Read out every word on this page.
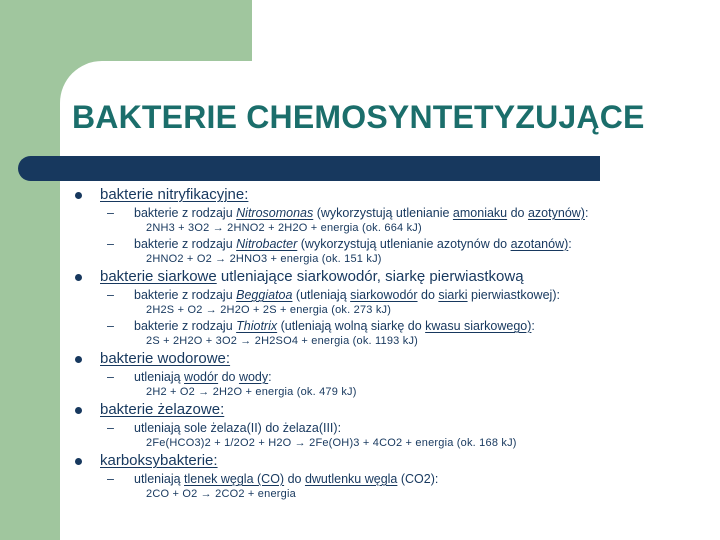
BAKTERIE CHEMOSYNTETYZUJĄCE
bakterie nitryfikacyjne:
–	bakterie z rodzaju Nitrosomonas (wykorzystują utlenianie amoniaku do azotynów):
2NH3 + 3O2 → 2HNO2 + 2H2O + energia (ok. 664 kJ)
–	bakterie z rodzaju Nitrobacter (wykorzystują utlenianie azotynów do azotanów):
2HNO2 + O2 → 2HNO3 + energia (ok. 151 kJ)
bakterie siarkowe utleniające siarkowodór, siarkę pierwiastkową
–	bakterie z rodzaju Beggiatoa (utleniają siarkowodór do siarki pierwiastkowej):
2H2S + O2 → 2H2O + 2S + energia (ok. 273 kJ)
–	bakterie z rodzaju Thiotrix (utleniają wolną siarkę do kwasu siarkowego):
2S + 2H2O + 3O2 → 2H2SO4 + energia (ok. 1193 kJ)
bakterie wodorowe:
–	utleniają wodór do wody:
2H2 + O2 → 2H2O + energia (ok. 479 kJ)
bakterie żelazowe:
–	utleniają sole żelaza(II) do żelaza(III):
2Fe(HCO3)2 + 1/2O2 + H2O → 2Fe(OH)3 + 4CO2 + energia (ok. 168 kJ)
karboksybakterie:
–	utleniają tlenek węgla (CO) do dwutlenku węgla (CO2):
2CO + O2 → 2CO2 + energia
